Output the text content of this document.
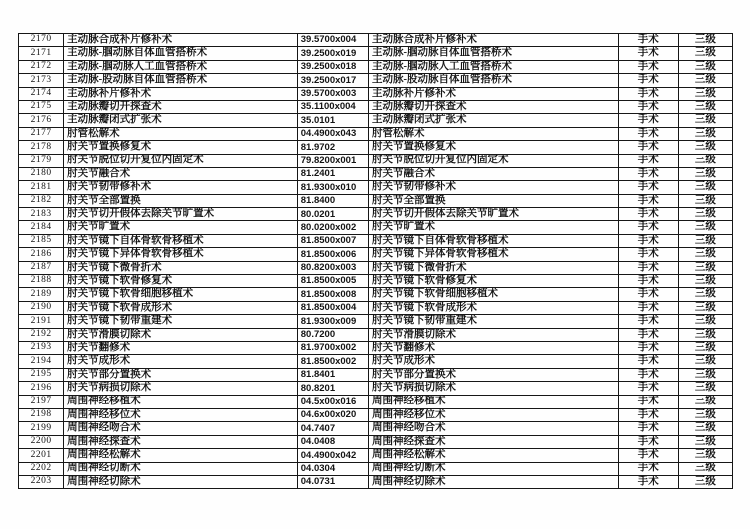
2170	主动脉合成补片修补术	39.5700x004	主动脉合成补片修补术	手术	三级
2171	主动脉-腘动脉自体血管搭桥术	39.2500x019	主动脉-腘动脉自体血管搭桥术	手术	三级
2172	主动脉-腘动脉人工血管搭桥术	39.2500x018	主动脉-腘动脉人工血管搭桥术	手术	三级
2173	主动脉-股动脉自体血管搭桥术	39.2500x017	主动脉-股动脉自体血管搭桥术	手术	三级
2174	主动脉补片修补术	39.5700x003	主动脉补片修补术	手术	三级
2175	主动脉瓣切开探查术	35.1100x004	主动脉瓣切开探查术	手术	三级
2176	主动脉瓣闭式扩张术	35.0101	主动脉瓣闭式扩张术	手术	三级
2177	肘管松解术	04.4900x043	肘管松解术	手术	三级
2178	肘关节置换修复术	81.9702	肘关节置换修复术	手术	三级
2179	肘关节脱位切开复位内固定术	79.8200x001	肘关节脱位切开复位内固定术	手术	三级
2180	肘关节融合术	81.2401	肘关节融合术	手术	三级
2181	肘关节韧带修补术	81.9300x010	肘关节韧带修补术	手术	三级
2182	肘关节全部置换	81.8400	肘关节全部置换	手术	三级
2183	肘关节切开假体去除关节旷置术	80.0201	肘关节切开假体去除关节旷置术	手术	三级
2184	肘关节旷置术	80.0200x002	肘关节旷置术	手术	三级
2185	肘关节镜下自体骨软骨移植术	81.8500x007	肘关节镜下自体骨软骨移植术	手术	三级
2186	肘关节镜下异体骨软骨移植术	81.8500x006	肘关节镜下异体骨软骨移植术	手术	三级
2187	肘关节镜下微骨折术	80.8200x003	肘关节镜下微骨折术	手术	三级
2188	肘关节镜下软骨修复术	81.8500x005	肘关节镜下软骨修复术	手术	三级
2189	肘关节镜下软骨细胞移植术	81.8500x008	肘关节镜下软骨细胞移植术	手术	三级
2190	肘关节镜下软骨成形术	81.8500x004	肘关节镜下软骨成形术	手术	三级
2191	肘关节镜下韧带重建术	81.9300x009	肘关节镜下韧带重建术	手术	三级
2192	肘关节滑膜切除术	80.7200	肘关节滑膜切除术	手术	三级
2193	肘关节翻修术	81.9700x002	肘关节翻修术	手术	三级
2194	肘关节成形术	81.8500x002	肘关节成形术	手术	三级
2195	肘关节部分置换术	81.8401	肘关节部分置换术	手术	三级
2196	肘关节病损切除术	80.8201	肘关节病损切除术	手术	三级
2197	周围神经移植术	04.5x00x016	周围神经移植术	手术	三级
2198	周围神经移位术	04.6x00x020	周围神经移位术	手术	三级
2199	周围神经吻合术	04.7407	周围神经吻合术	手术	三级
2200	周围神经探查术	04.0408	周围神经探查术	手术	三级
2201	周围神经松解术	04.4900x042	周围神经松解术	手术	三级
2202	周围神经切断术	04.0304	周围神经切断术	手术	三级
2203	周围神经切除术	04.0731	周围神经切除术	手术	三级
